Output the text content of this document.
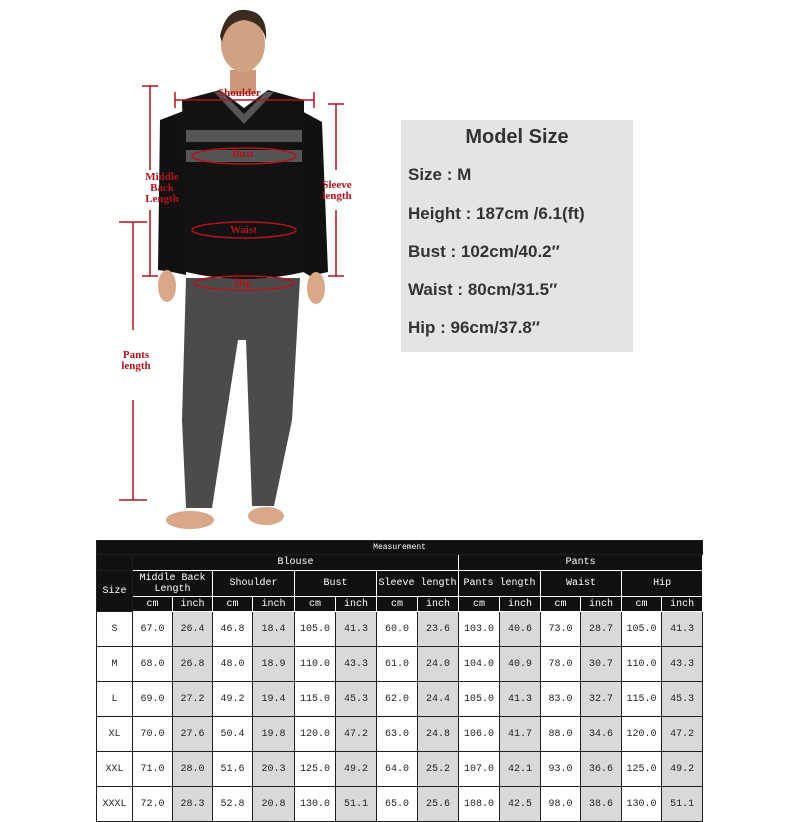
Shoulder
Bust
Waist
Hip
Middle Back Length
Sleeve length
Pants length
Model Size
Size : M
Height : 187cm /6.1(ft)
Bust : 102cm/40.2″
Waist : 80cm/31.5″
Hip : 96cm/37.8″
Measurement														
	Blouse								Pants					
Size	Middle Back Length		Shoulder		Bust		Sleeve length		Pants length		Waist		Hip	
	cm	inch	cm	inch	cm	inch	cm	inch	cm	inch	cm	inch	cm	inch
S	67.0	26.4	46.8	18.4	105.0	41.3	60.0	23.6	103.0	40.6	73.0	28.7	105.0	41.3
M	68.0	26.8	48.0	18.9	110.0	43.3	61.0	24.0	104.0	40.9	78.0	30.7	110.0	43.3
L	69.0	27.2	49.2	19.4	115.0	45.3	62.0	24.4	105.0	41.3	83.0	32.7	115.0	45.3
XL	70.0	27.6	50.4	19.8	120.0	47.2	63.0	24.8	106.0	41.7	88.0	34.6	120.0	47.2
XXL	71.0	28.0	51.6	20.3	125.0	49.2	64.0	25.2	107.0	42.1	93.0	36.6	125.0	49.2
XXXL	72.0	28.3	52.8	20.8	130.0	51.1	65.0	25.6	108.0	42.5	98.0	38.6	130.0	51.1
